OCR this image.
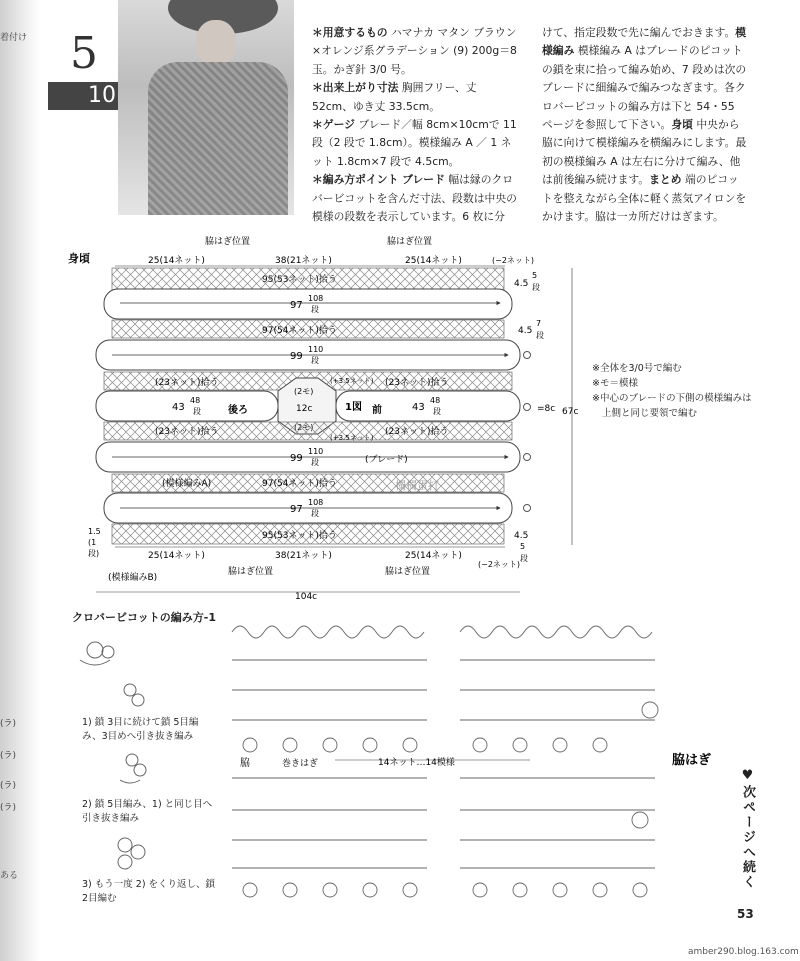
着付け
(ラ)
(ラ)
(ラ)
(ラ)
ある
5
10

＊用意するもの ハマナカ マタン ブラウン×オレンジ系グラデーション (9) 200g＝8玉。かぎ針 3/0 号。

＊出来上がり寸法 胸囲フリー、丈 52cm、ゆき丈 33.5cm。

＊ゲージ ブレード／幅 8cm×10cmで 11段（2 段で 1.8cm）。模様編み A ／ 1 ネット 1.8cm×7 段で 4.5cm。

＊編み方ポイント ブレード 幅は縁のクロバービコットを含んだ寸法、段数は中央の模様の段数を表示しています。6 枚に分

けて、指定段数で先に編んでおきます。模様編み 模様編み A はブレードのピコットの鎖を束に拾って編み始め、7 段めは次のブレードに細編みで編みつなぎます。各クロバービコットの編み方は下と 54・55 ページを参照して下さい。身頃 中央から脇に向けて模様編みを横編みにします。最初の模様編み A は左右に分けて編み、他は前後編み続けます。まとめ 端のピコットを整えながら全体に軽く蒸気アイロンをかけます。脇は一カ所だけはぎます。

身頃
脇はぎ位置	脇はぎ位置
25(14ネット)	38(21ネット)	25(14ネット)	(−2ネット)
95(53ネット)拾う
97
108
段
97(54ネット)拾う
99
110
段
(23ネット)拾う	(23ネット)拾う
(+3.5ネット)
43
48
段	後ろ
(2モ)
12c	1図 前	43
48
段
(23ネット)拾う	(23ネット)拾う
(+3.5ネット)
99
110
段	(ブレード)
(模様編みA)	97(54ネット)拾う	㯮㯮蛋打
97
108
段
95(53ネット)拾う
25(14ネット)	38(21ネット)	25(14ネット)
(−2ネット)
脇はぎ位置	脇はぎ位置
(模様編みB)
1.5
(1
段)
104c
4.5
5
段
4.5
7
段
=8c
4.5
5
段
67c
脇	巻きはぎ	14ネット…14模様	脇はぎ
※全体を3/0号で編む
※モ＝模様
※中心のブレードの下側の模様編みは
上側と同じ要領で編む
クロバービコットの編み方-1
1) 鎖 3目に続けて鎖 5目編み、3目めへ引き抜き編み
2) 鎖 5目編み、1) と同じ目へ引き抜き編み
3) もう一度 2) をくり返し、鎖 2目編む
♥次ページへ続く
53
amber290.blog.163.com
